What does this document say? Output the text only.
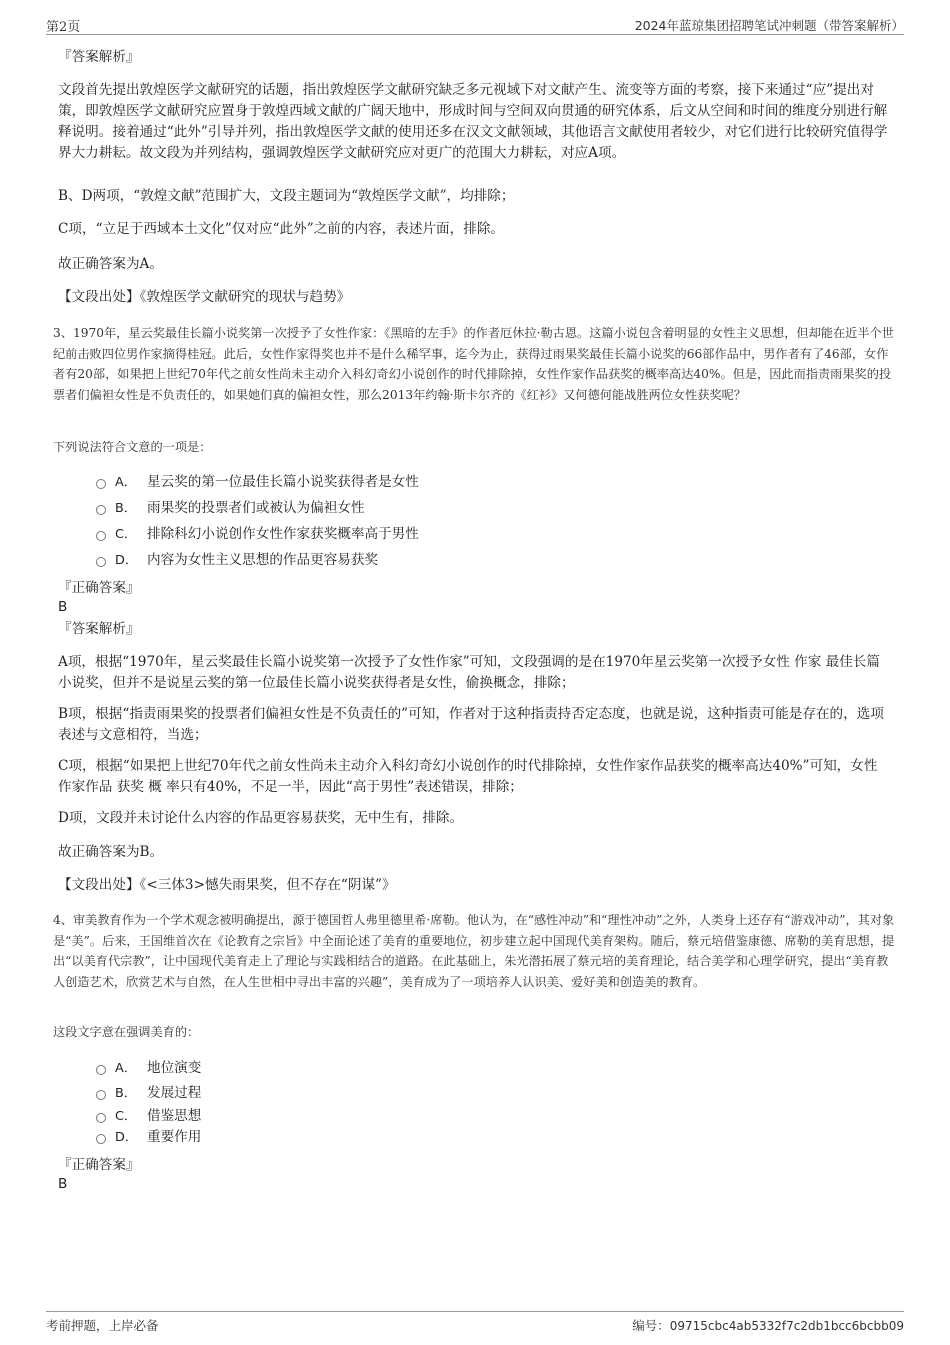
第2页	2024年蓝琼集团招聘笔试冲刺题（带答案解析）
『答案解析』
文段首先提出敦煌医学文献研究的话题，指出敦煌医学文献研究缺乏多元视域下对文献产生、流变等方面的考察，接下来通过“应”提出对策，即敦煌医学文献研究应置身于敦煌西域文献的广阔天地中，形成时间与空间双向贯通的研究体系，后文从空间和时间的维度分别进行解释说明。接着通过“此外”引导并列，指出敦煌医学文献的使用还多在汉文文献领域，其他语言文献使用者较少，对它们进行比较研究值得学界大力耕耘。故文段为并列结构，强调敦煌医学文献研究应对更广的范围大力耕耘，对应A项。
B、D两项，“敦煌文献”范围扩大，文段主题词为“敦煌医学文献”，均排除；
C项，“立足于西域本土文化”仅对应“此外”之前的内容，表述片面，排除。
故正确答案为A。
【文段出处】《敦煌医学文献研究的现状与趋势》
3、1970年，星云奖最佳长篇小说奖第一次授予了女性作家：《黑暗的左手》的作者厄休拉·勒古恩。这篇小说包含着明显的女性主义思想，但却能在近半个世纪前击败四位男作家摘得桂冠。此后，女性作家得奖也并不是什么稀罕事，迄今为止，获得过雨果奖最佳长篇小说奖的66部作品中，男作者有了46部，女作者有20部，如果把上世纪70年代之前女性尚未主动介入科幻奇幻小说创作的时代排除掉，女性作家作品获奖的概率高达40%。但是，因此而指责雨果奖的投票者们偏袒女性是不负责任的，如果她们真的偏袒女性，那么2013年约翰·斯卡尔齐的《红衫》又何德何能战胜两位女性获奖呢？
下列说法符合文意的一项是：
A． 星云奖的第一位最佳长篇小说奖获得者是女性
B． 雨果奖的投票者们或被认为偏袒女性
C． 排除科幻小说创作女性作家获奖概率高于男性
D． 内容为女性主义思想的作品更容易获奖
『正确答案』
B
『答案解析』
A项，根据“1970年，星云奖最佳长篇小说奖第一次授予了女性作家”可知，文段强调的是在1970年星云奖第一次授予女性 作家 最佳长篇小说奖，但并不是说星云奖的第一位最佳长篇小说奖获得者是女性，偷换概念，排除；
B项，根据“指责雨果奖的投票者们偏袒女性是不负责任的”可知，作者对于这种指责持否定态度，也就是说，这种指责可能是存在的，选项表述与文意相符，当选；
C项，根据“如果把上世纪70年代之前女性尚未主动介入科幻奇幻小说创作的时代排除掉，女性作家作品获奖的概率高达40%”可知，女性 作家作品 获奖 概 率只有40%，不足一半，因此“高于男性”表述错误，排除；
D项，文段并未讨论什么内容的作品更容易获奖，无中生有，排除。
故正确答案为B。
【文段出处】《<三体3>憾失雨果奖，但不存在“阴谋”》
4、审美教育作为一个学术观念被明确提出，源于德国哲人弗里德里希·席勒。他认为，在“感性冲动”和“理性冲动”之外，人类身上还存有“游戏冲动”，其对象是“美”。后来，王国维首次在《论教育之宗旨》中全面论述了美育的重要地位，初步建立起中国现代美育架构。随后，蔡元培借鉴康德、席勒的美育思想，提出“以美育代宗教”，让中国现代美育走上了理论与实践相结合的道路。在此基础上，朱光潜拓展了蔡元培的美育理论，结合美学和心理学研究，提出“美育教人创造艺术，欣赏艺术与自然，在人生世相中寻出丰富的兴趣”，美育成为了一项培养人认识美、爱好美和创造美的教育。
这段文字意在强调美育的：
A． 地位演变
B． 发展过程
C． 借鉴思想
D． 重要作用
『正确答案』
B
考前押题，上岸必备	编号：09715cbc4ab5332f7c2db1bcc6bcbb09
